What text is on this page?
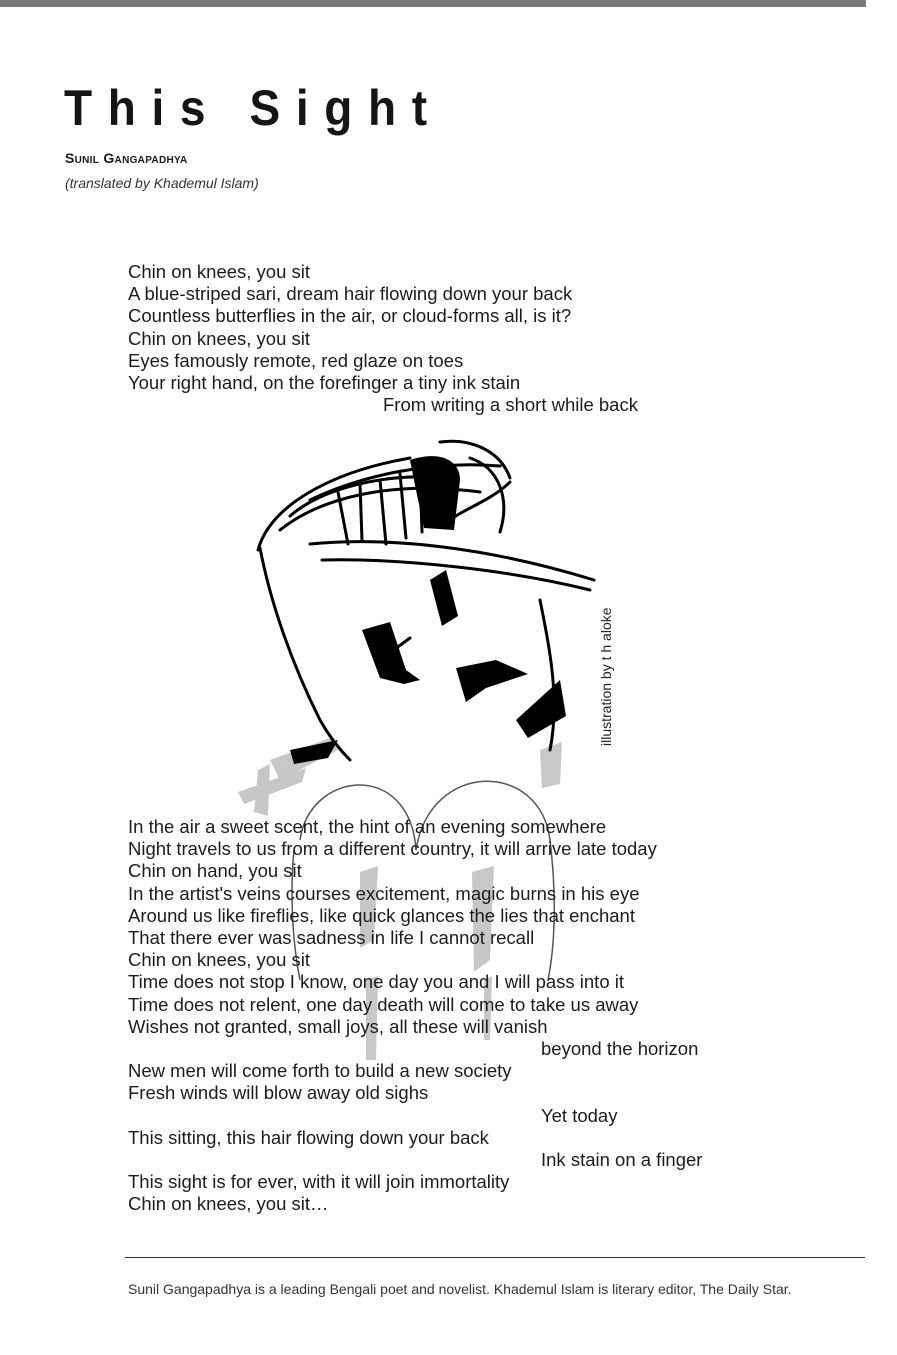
This Sight
Sunil Gangapadhya
(translated by Khademul Islam)
illustration by t h aloke
Chin on knees, you sit
A blue-striped sari, dream hair flowing down your back
Countless butterflies in the air, or cloud-forms all, is it?
Chin on knees, you sit
Eyes famously remote, red glaze on toes
Your right hand, on the forefinger a tiny ink stain
From writing a short while back
In the air a sweet scent, the hint of an evening somewhere
Night travels to us from a different country, it will arrive late today
Chin on hand, you sit
In the artist's veins courses excitement, magic burns in his eye
Around us like fireflies, like quick glances the lies that enchant
That there ever was sadness in life I cannot recall
Chin on knees, you sit
Time does not stop I know, one day you and I will pass into it
Time does not relent, one day death will come to take us away
Wishes not granted, small joys, all these will vanish
beyond the horizon
New men will come forth to build a new society
Fresh winds will blow away old sighs
Yet today
This sitting, this hair flowing down your back
Ink stain on a finger
This sight is for ever, with it will join immortality
Chin on knees, you sit…
Sunil Gangapadhya is a leading Bengali poet and novelist. Khademul Islam is literary editor, The Daily Star.
